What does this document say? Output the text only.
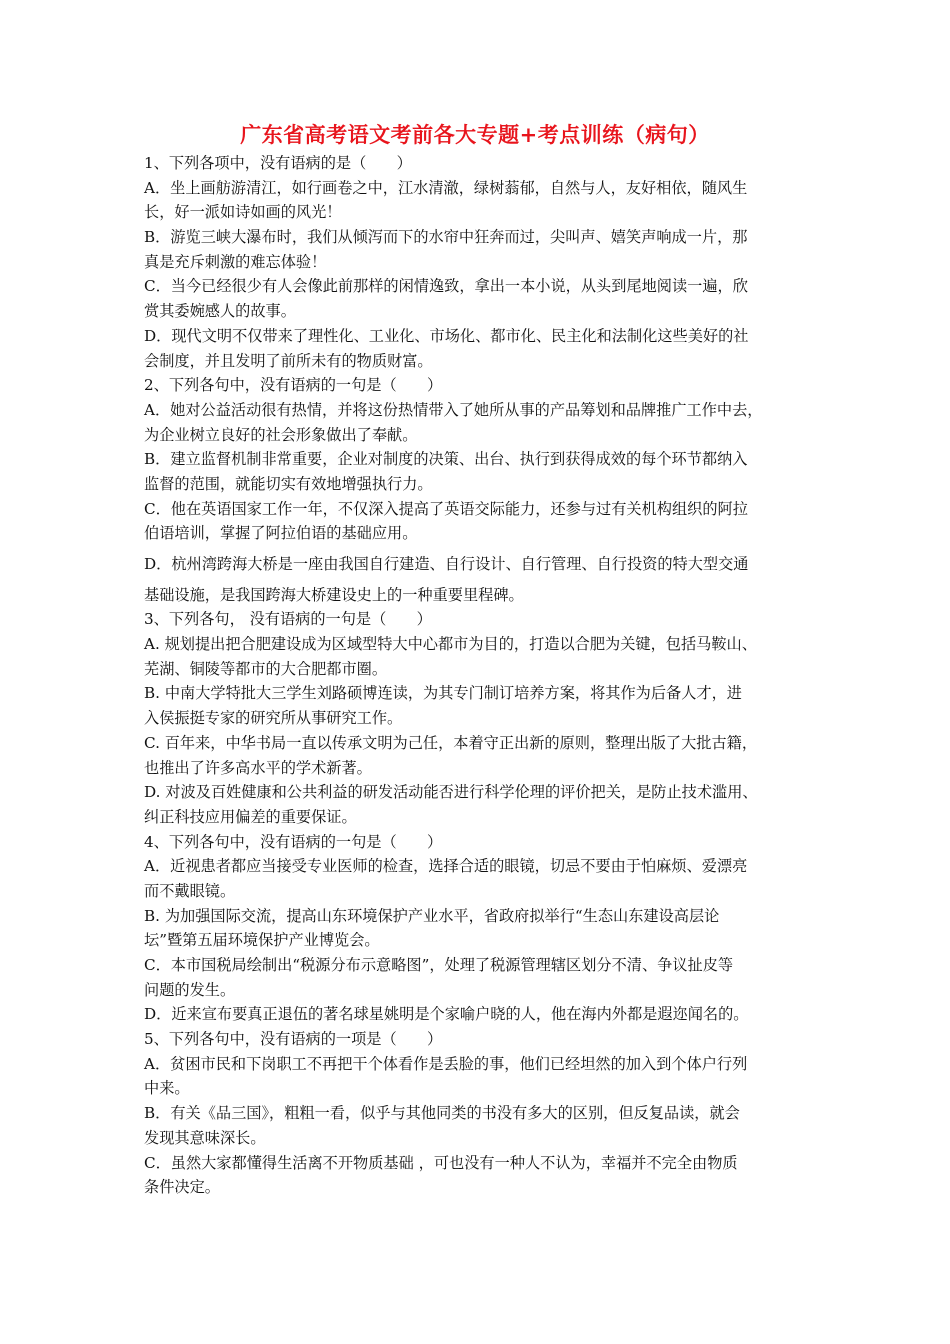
广东省高考语文考前各大专题+考点训练（病句）
1、下列各项中，没有语病的是（　　）
A．坐上画舫游清江，如行画卷之中，江水清澈，绿树蓊郁，自然与人，友好相依，随风生
长，好一派如诗如画的风光！
B．游览三峡大瀑布时，我们从倾泻而下的水帘中狂奔而过，尖叫声、嬉笑声响成一片，那
真是充斥刺激的难忘体验！
C．当今已经很少有人会像此前那样的闲情逸致，拿出一本小说，从头到尾地阅读一遍，欣
赏其委婉感人的故事。
D．现代文明不仅带来了理性化、工业化、市场化、都市化、民主化和法制化这些美好的社
会制度，并且发明了前所未有的物质财富。
2、下列各句中，没有语病的一句是（　　）
A．她对公益活动很有热情，并将这份热情带入了她所从事的产品筹划和品牌推广工作中去，
为企业树立良好的社会形象做出了奉献。
B．建立监督机制非常重要，企业对制度的决策、出台、执行到获得成效的每个环节都纳入
监督的范围，就能切实有效地增强执行力。
C．他在英语国家工作一年，不仅深入提高了英语交际能力，还参与过有关机构组织的阿拉
伯语培训，掌握了阿拉伯语的基础应用。
D．杭州湾跨海大桥是一座由我国自行建造、自行设计、自行管理、自行投资的特大型交通
基础设施，是我国跨海大桥建设史上的一种重要里程碑。
3、下列各句， 没有语病的一句是（　　）
A. 规划提出把合肥建设成为区域型特大中心都市为目的，打造以合肥为关键，包括马鞍山、
芜湖、铜陵等都市的大合肥都市圈。
B. 中南大学特批大三学生刘路硕博连读，为其专门制订培养方案，将其作为后备人才，进
入侯振挺专家的研究所从事研究工作。
C. 百年来，中华书局一直以传承文明为己任，本着守正出新的原则，整理出版了大批古籍，
也推出了许多高水平的学术新著。
D. 对波及百姓健康和公共利益的研发活动能否进行科学伦理的评价把关，是防止技术滥用、
纠正科技应用偏差的重要保证。
4、下列各句中，没有语病的一句是（　　）
A．近视患者都应当接受专业医师的检查，选择合适的眼镜，切忌不要由于怕麻烦、爱漂亮
而不戴眼镜。
B. 为加强国际交流，提高山东环境保护产业水平，省政府拟举行“生态山东建设高层论
坛”暨第五届环境保护产业博览会。
C．本市国税局绘制出“税源分布示意略图”，处理了税源管理辖区划分不清、争议扯皮等
问题的发生。
D．近来宣布要真正退伍的著名球星姚明是个家喻户晓的人，他在海内外都是遐迩闻名的。
5、下列各句中，没有语病的一项是（　　）
A．贫困市民和下岗职工不再把干个体看作是丢脸的事，他们已经坦然的加入到个体户行列
中来。
B．有关《品三国》，粗粗一看，似乎与其他同类的书没有多大的区别，但反复品读，就会
发现其意味深长。
C．虽然大家都懂得生活离不开物质基础 ，可也没有一种人不认为，幸福并不完全由物质
条件决定。
